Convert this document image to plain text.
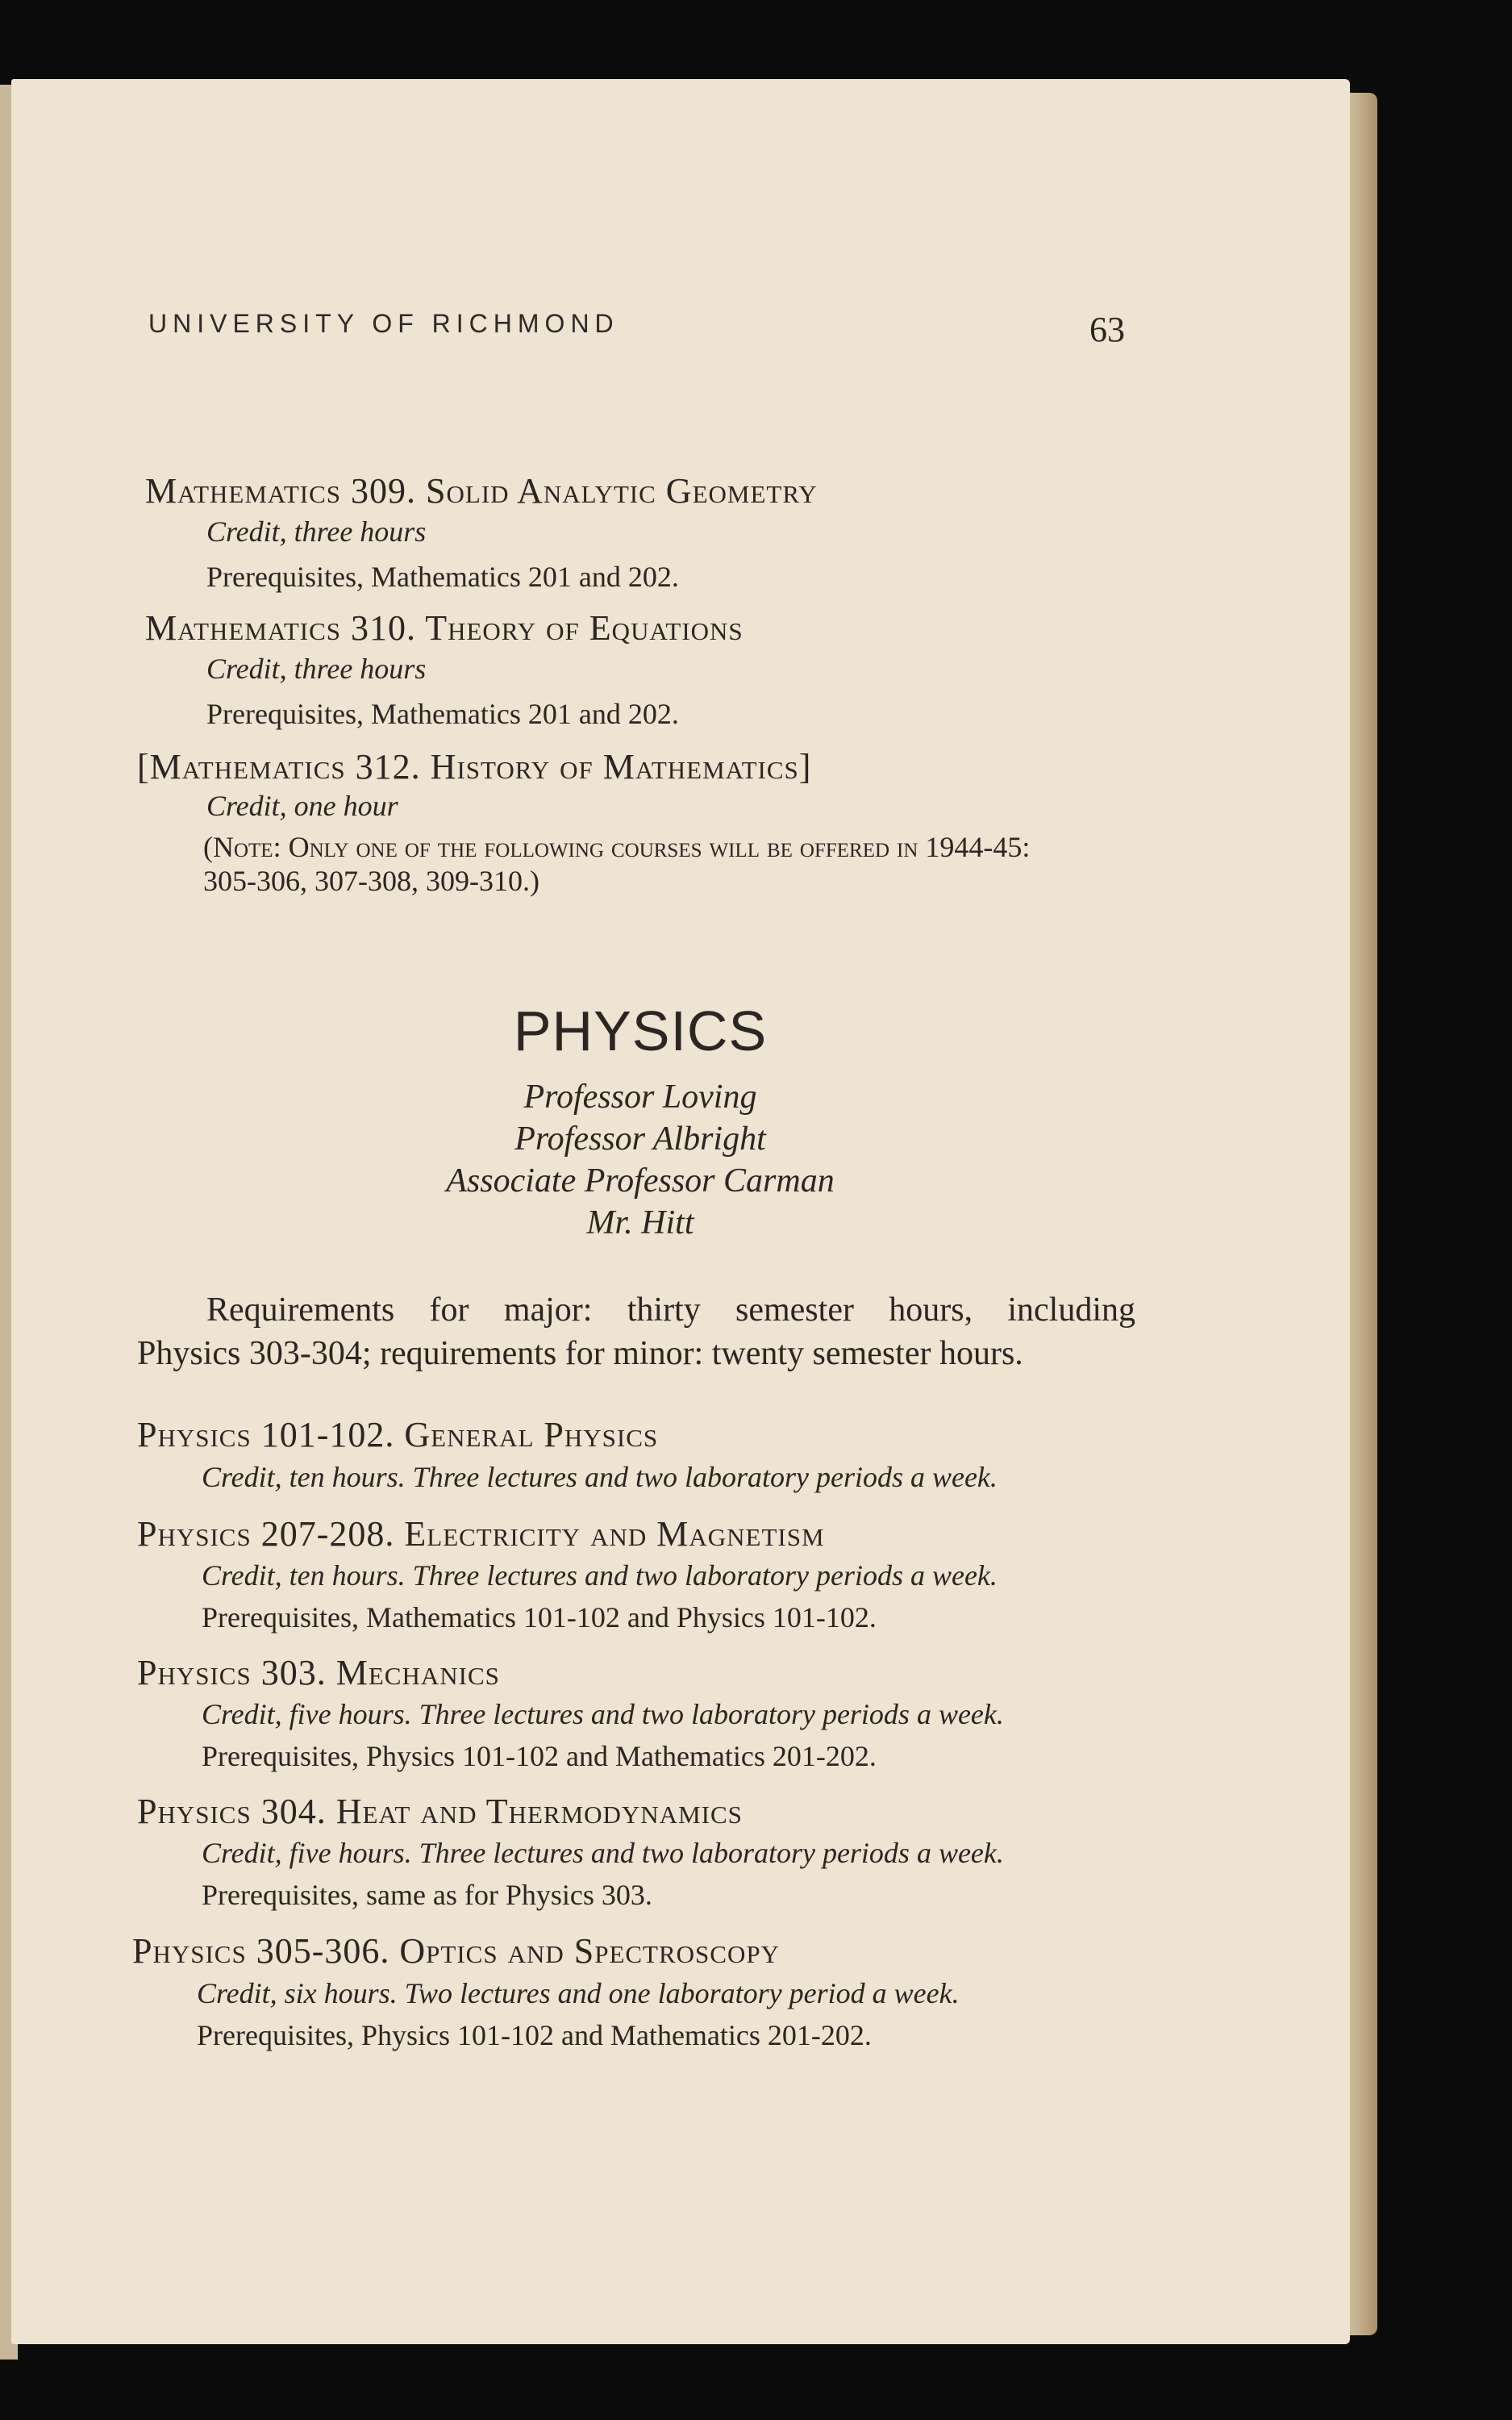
UNIVERSITY OF RICHMOND	63
Mathematics 309. Solid Analytic Geometry
Credit, three hours
Prerequisites, Mathematics 201 and 202.
Mathematics 310. Theory of Equations
Credit, three hours
Prerequisites, Mathematics 201 and 202.
[Mathematics 312. History of Mathematics]
Credit, one hour
(Note: Only one of the following courses will be offered in 1944-45:
305-306, 307-308, 309-310.)
PHYSICS
Professor Loving
Professor Albright
Associate Professor Carman
Mr. Hitt
Requirements for major: thirty semester hours, including
Physics 303-304; requirements for minor: twenty semester hours.
Physics 101-102. General Physics
Credit, ten hours. Three lectures and two laboratory periods a week.
Physics 207-208. Electricity and Magnetism
Credit, ten hours. Three lectures and two laboratory periods a week.
Prerequisites, Mathematics 101-102 and Physics 101-102.
Physics 303. Mechanics
Credit, five hours. Three lectures and two laboratory periods a week.
Prerequisites, Physics 101-102 and Mathematics 201-202.
Physics 304. Heat and Thermodynamics
Credit, five hours. Three lectures and two laboratory periods a week.
Prerequisites, same as for Physics 303.
Physics 305-306. Optics and Spectroscopy
Credit, six hours. Two lectures and one laboratory period a week.
Prerequisites, Physics 101-102 and Mathematics 201-202.
